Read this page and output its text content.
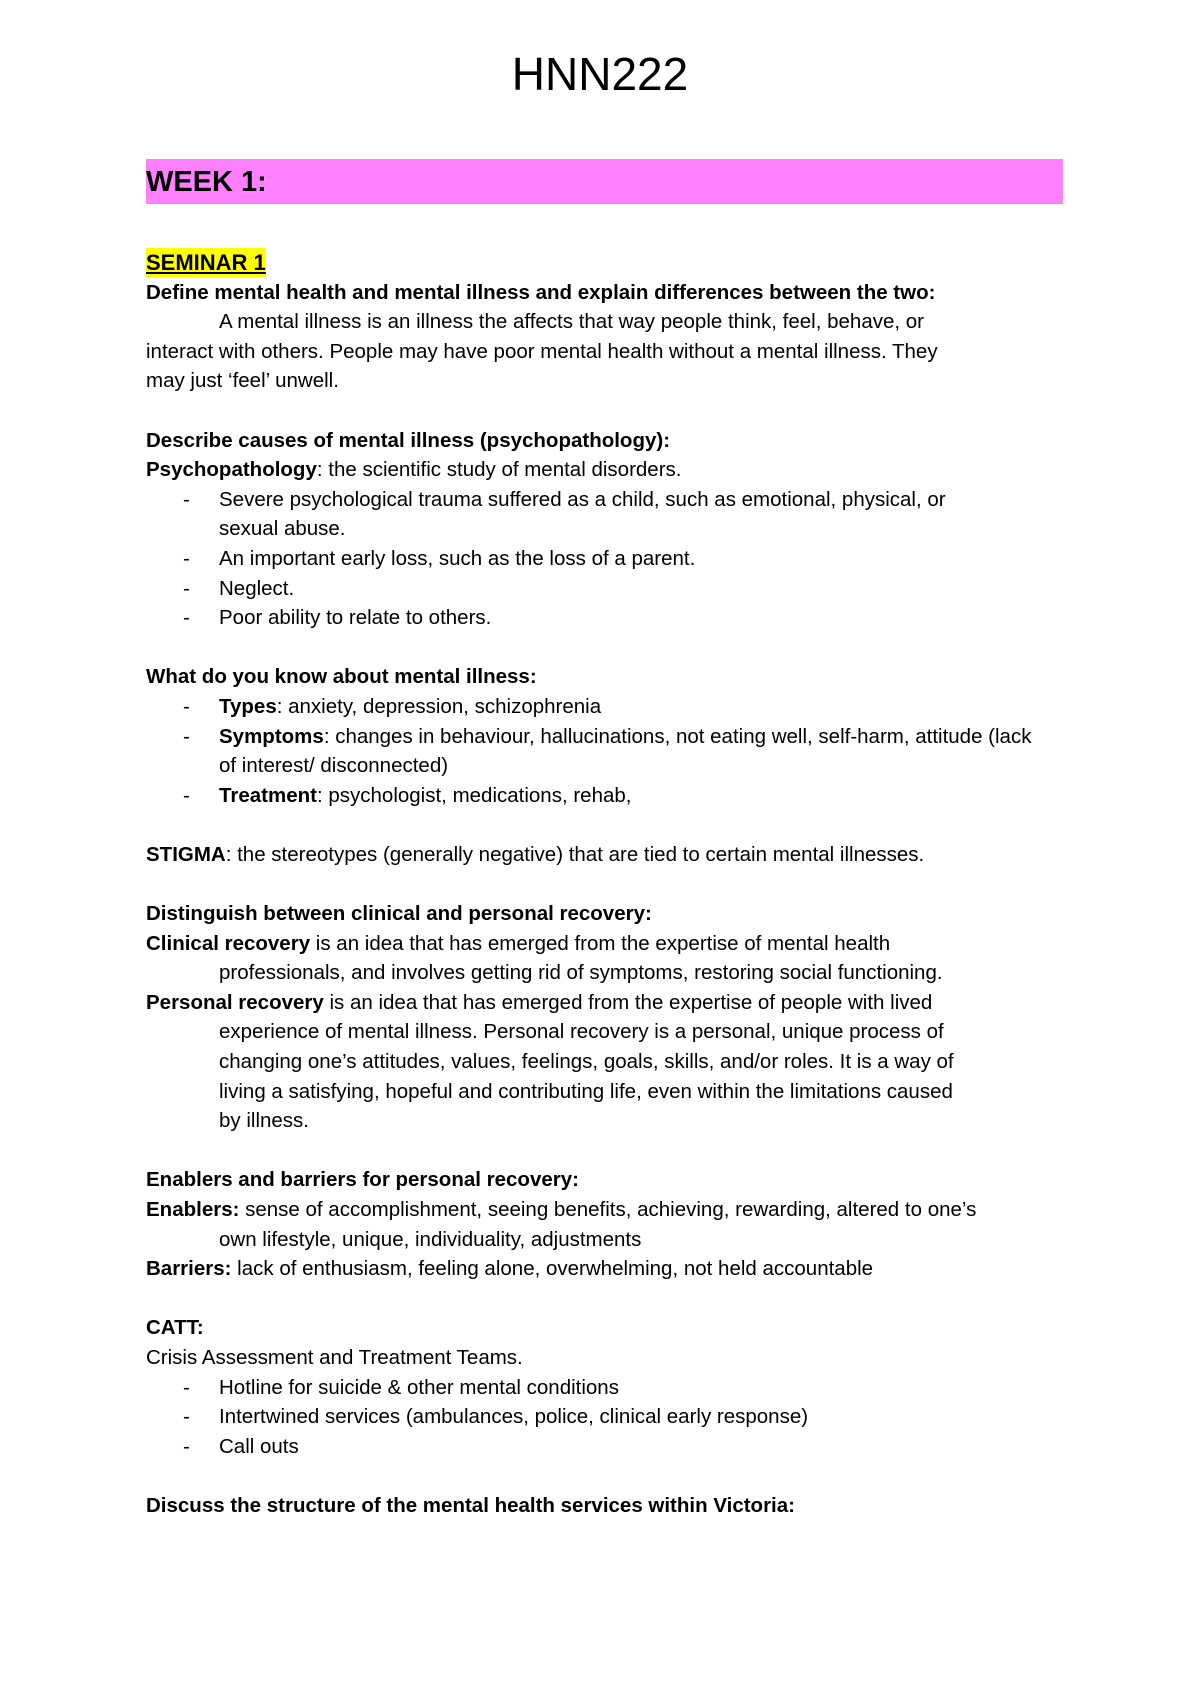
HNN222
WEEK 1:
SEMINAR 1
Define mental health and mental illness and explain differences between the two:
A mental illness is an illness the affects that way people think, feel, behave, or
interact with others. People may have poor mental health without a mental illness. They
may just ‘feel’ unwell.
Describe causes of mental illness (psychopathology):
Psychopathology: the scientific study of mental disorders.
- Severe psychological trauma suffered as a child, such as emotional, physical, or sexual abuse.
- An important early loss, such as the loss of a parent.
- Neglect.
- Poor ability to relate to others.
What do you know about mental illness:
- Types: anxiety, depression, schizophrenia
- Symptoms: changes in behaviour, hallucinations, not eating well, self-harm, attitude (lack of interest/ disconnected)
- Treatment: psychologist, medications, rehab,
STIGMA: the stereotypes (generally negative) that are tied to certain mental illnesses.
Distinguish between clinical and personal recovery:
Clinical recovery is an idea that has emerged from the expertise of mental health
professionals, and involves getting rid of symptoms, restoring social functioning.
Personal recovery is an idea that has emerged from the expertise of people with lived
experience of mental illness. Personal recovery is a personal, unique process of
changing one’s attitudes, values, feelings, goals, skills, and/or roles. It is a way of
living a satisfying, hopeful and contributing life, even within the limitations caused
by illness.
Enablers and barriers for personal recovery:
Enablers: sense of accomplishment, seeing benefits, achieving, rewarding, altered to one’s
own lifestyle, unique, individuality, adjustments
Barriers: lack of enthusiasm, feeling alone, overwhelming, not held accountable
CATT:
Crisis Assessment and Treatment Teams.
- Hotline for suicide & other mental conditions
- Intertwined services (ambulances, police, clinical early response)
- Call outs
Discuss the structure of the mental health services within Victoria:
